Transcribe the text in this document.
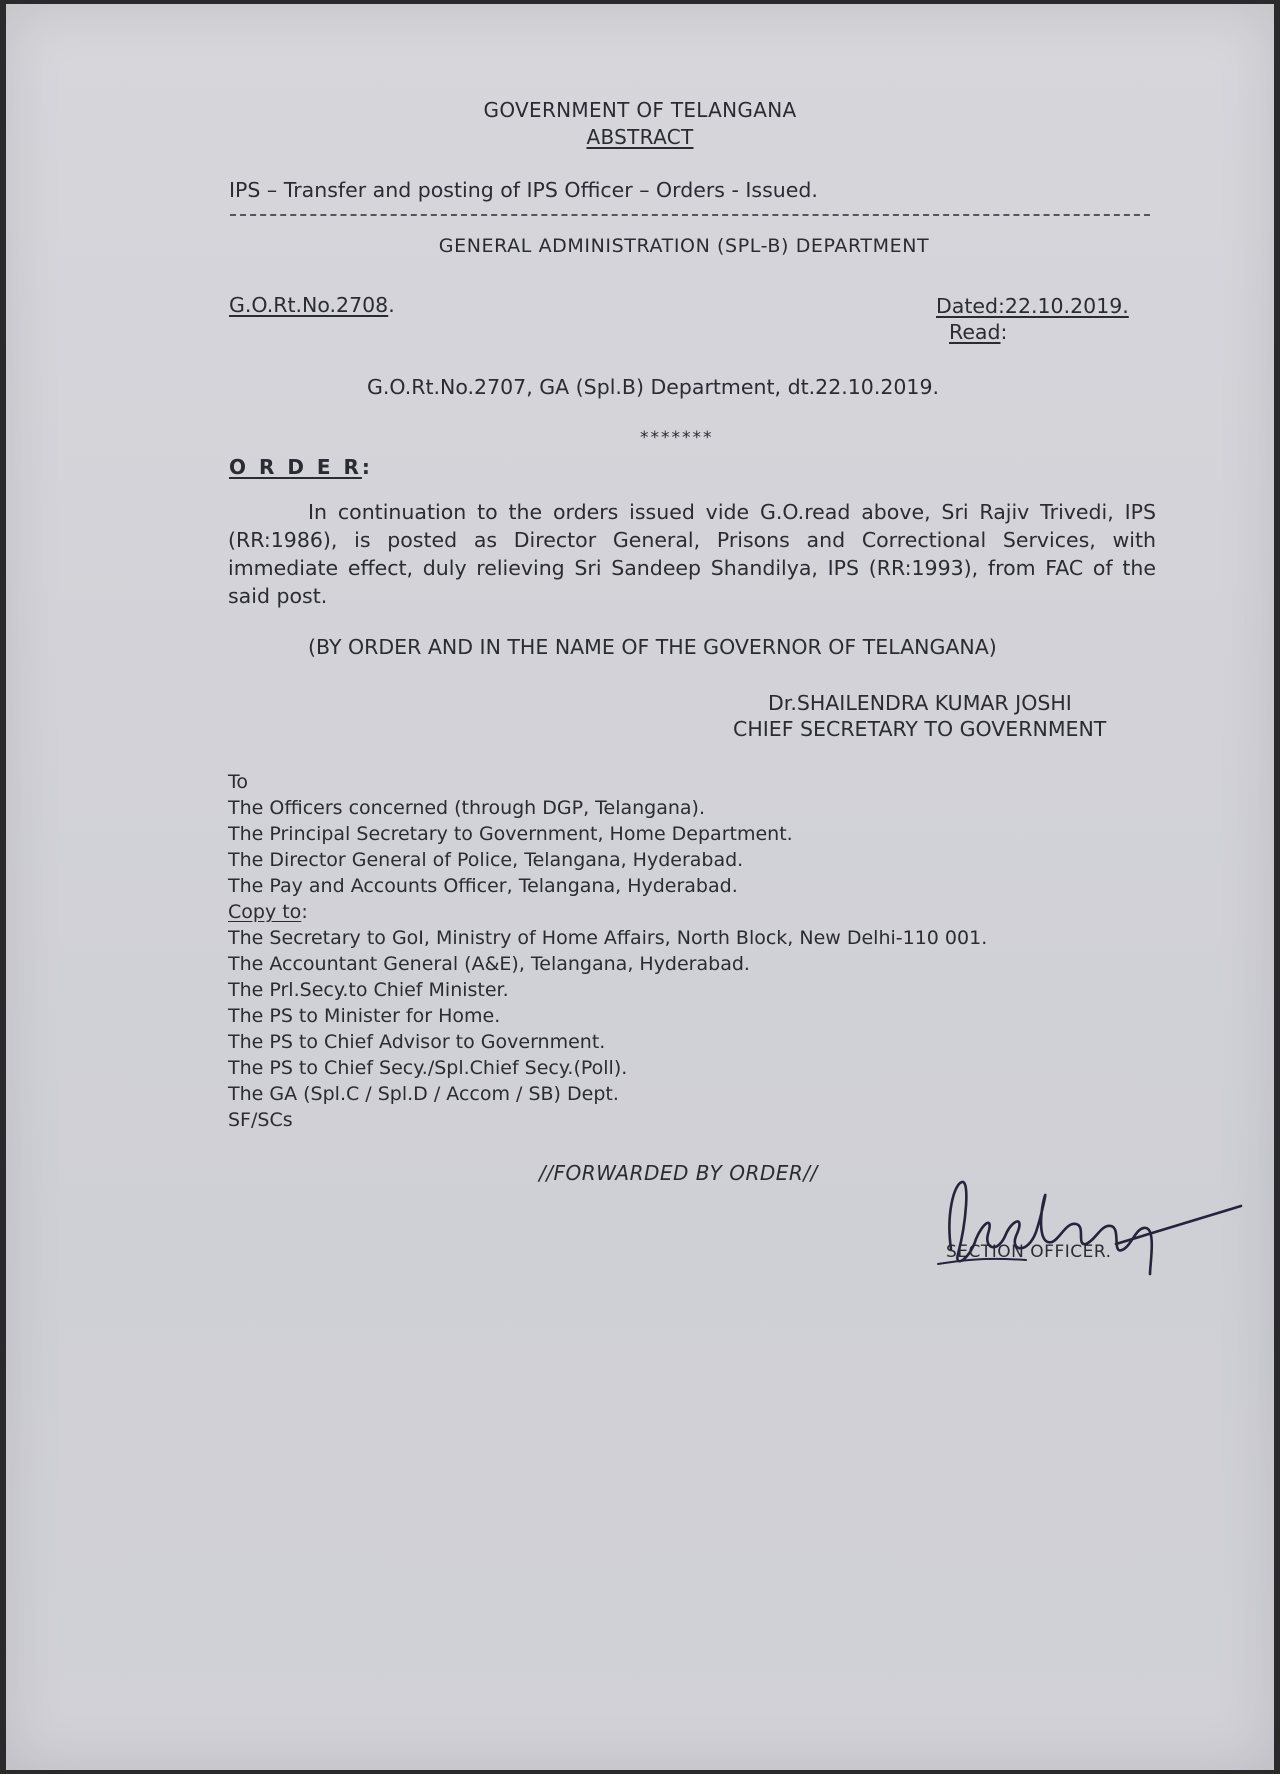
GOVERNMENT OF TELANGANA
ABSTRACT
IPS – Transfer and posting of IPS Officer – Orders - Issued.
GENERAL ADMINISTRATION (SPL-B) DEPARTMENT
G.O.Rt.No.2708.	Dated:22.10.2019.
Read:
G.O.Rt.No.2707, GA (Spl.B) Department, dt.22.10.2019.
*******
O R D E R:
In continuation to the orders issued vide G.O.read above, Sri Rajiv Trivedi, IPS (RR:1986), is posted as Director General, Prisons and Correctional Services, with immediate effect, duly relieving Sri Sandeep Shandilya, IPS (RR:1993), from FAC of the said post.
(BY ORDER AND IN THE NAME OF THE GOVERNOR OF TELANGANA)
Dr.SHAILENDRA KUMAR JOSHI
CHIEF SECRETARY TO GOVERNMENT
To
The Officers concerned (through DGP, Telangana).
The Principal Secretary to Government, Home Department.
The Director General of Police, Telangana, Hyderabad.
The Pay and Accounts Officer, Telangana, Hyderabad.
Copy to:
The Secretary to GoI, Ministry of Home Affairs, North Block, New Delhi-110 001.
The Accountant General (A&E), Telangana, Hyderabad.
The Prl.Secy.to Chief Minister.
The PS to Minister for Home.
The PS to Chief Advisor to Government.
The PS to Chief Secy./Spl.Chief Secy.(Poll).
The GA (Spl.C / Spl.D / Accom / SB) Dept.
SF/SCs
//FORWARDED BY ORDER//
SECTION OFFICER.
